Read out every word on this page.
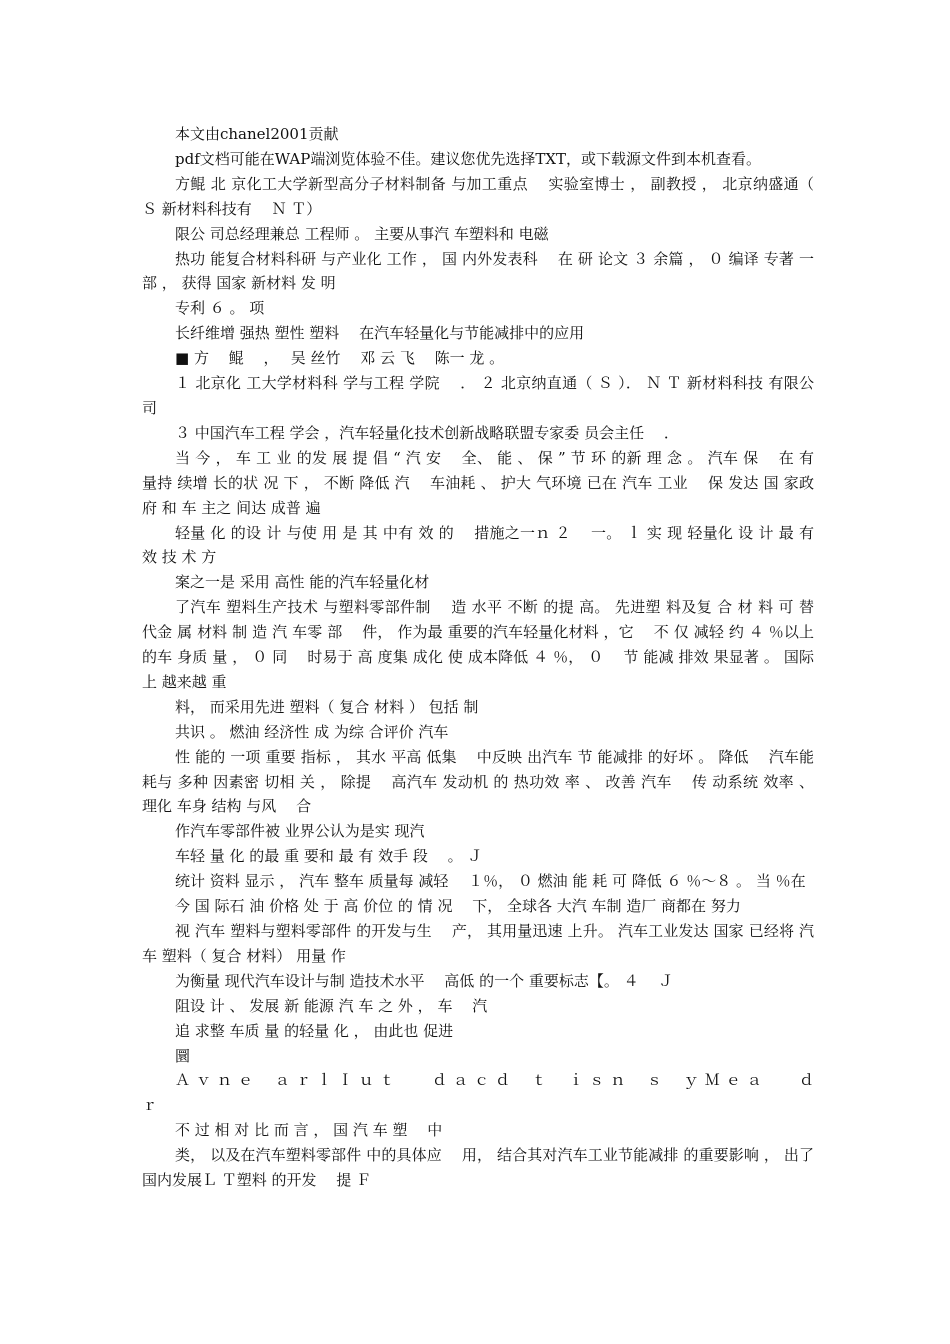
本文由chanel2001贡献

pdf文档可能在WAP端浏览体验不佳。建议您优先选择TXT，或下载源文件到本机查看。

方鲲 北 京化工大学新型高分子材料制备 与加工重点　 实验室博士 ， 副教授 ， 北京纳盛通（ Ｓ 新材料科技有　 Ｎ Ｔ）

限公 司总经理兼总 工程师 。 主要从事汽 车塑料和 电磁

热功 能复合材料科研 与产业化 工作 ， 国 内外发表科　 在 研 论文 ３ 余篇 ， ０ 编译 专著 一部 ， 获得 国家 新材料 发 明

专利 ６ 。 项

长纤维增 强热 塑性 塑料　 在汽车轻量化与节能减排中的应用

■ 方　 鲲　 ，　 吴 丝竹　 邓 云 飞　 陈一 龙 。

１ 北京化 工大学材料科 学与工程 学院　 ． ２ 北京纳直通（ Ｓ ）． Ｎ Ｔ 新材料科技 有限公 司

３ 中国汽车工程 学会 ，汽车轻量化技术创新战略联盟专家委 员会主任　 ．

当 今 ， 车 工 业 的发 展 提 倡 “ 汽 安　 全、 能 、 保 ” 节 环 的新 理 念 。 汽车 保　 在 有量持 续增 长的状 况 下 ， 不断 降低 汽　 车油耗 、 护大 气环境 已在 汽车 工业　 保 发达 国 家政 府 和 车 主之 间达 成普 遍

轻量 化 的设 计 与使 用 是 其 中有 效 的　 措施之一ｎ ２　 一。 ｌ 实 现 轻量化 设 计 最 有 效 技 术 方

案之一是 采用 高性 能的汽车轻量化材

了汽车 塑料生产技术 与塑料零部件制　 造 水平 不断 的提 高。 先进塑 料及复 合 材 料 可 替 代金 属 材料 制 造 汽 车零 部　 件， 作为最 重要的汽车轻量化材料 ，它　 不 仅 减轻 约 ４ ％以上 的车 身质 量 ， ０ 同　 时易于 高 度集 成化 使 成本降低 ４ ％， ０　 节 能减 排效 果显著 。 国际上 越来越 重

料， 而采用先进 塑料（ 复合 材料 ） 包括 制

共识 。 燃油 经济性 成 为综 合评价 汽车

性 能的 一项 重要 指标 ， 其水 平高 低集　 中反映 出汽车 节 能减排 的好坏 。 降低　 汽车能 耗与 多种 因素密 切相 关 ， 除提　 高汽车 发动机 的 热功效 率 、 改善 汽车　 传 动系统 效率 、 理化 车身 结构 与风　 合

作汽车零部件被 业界公认为是实 现汽

车轻 量 化 的最 重 要和 最 有 效手 段　 。 Ｊ

统计 资料 显示 ， 汽车 整车 质量每 减轻　 １％， ０ 燃油 能 耗 可 降低 ６ ％～８ 。 当 ％在

今 国 际石 油 价格 处 于 高 价位 的 情 况　 下， 全球各 大汽 车制 造厂 商都在 努力

视 汽车 塑料与塑料零部件 的开发与生　 产， 其用量迅速 上升。 汽车工业发达 国家 已经将 汽车 塑料（ 复合 材料） 用量 作

为衡量 现代汽车设计与制 造技术水平　 高低 的一个 重要标志【。 ４　 Ｊ

阻设 计 、 发展 新 能源 汽 车 之 外 ， 车　 汽

追 求整 车质 量 的轻量 化 ， 由此也 促进

圜

Ａ ｖ ｎ ｅ　 ａ ｒ ｌ Ｉ ｕ ｔ　　 ｄ ａ ｃ ｄ　 ｔ　 ｉ ｓ ｎ　 ｓ　 ｙ Ｍ ｅ ａ　　 ｄ　 ｒ

不 过 相 对 比 而 言 ， 国 汽 车 塑　 中

类， 以及在汽车塑料零部件 中的具体应　 用， 结合其对汽车工业节能减排 的重要影响 ， 出了国内发展Ｌ Ｔ塑料 的开发　 提 Ｆ
